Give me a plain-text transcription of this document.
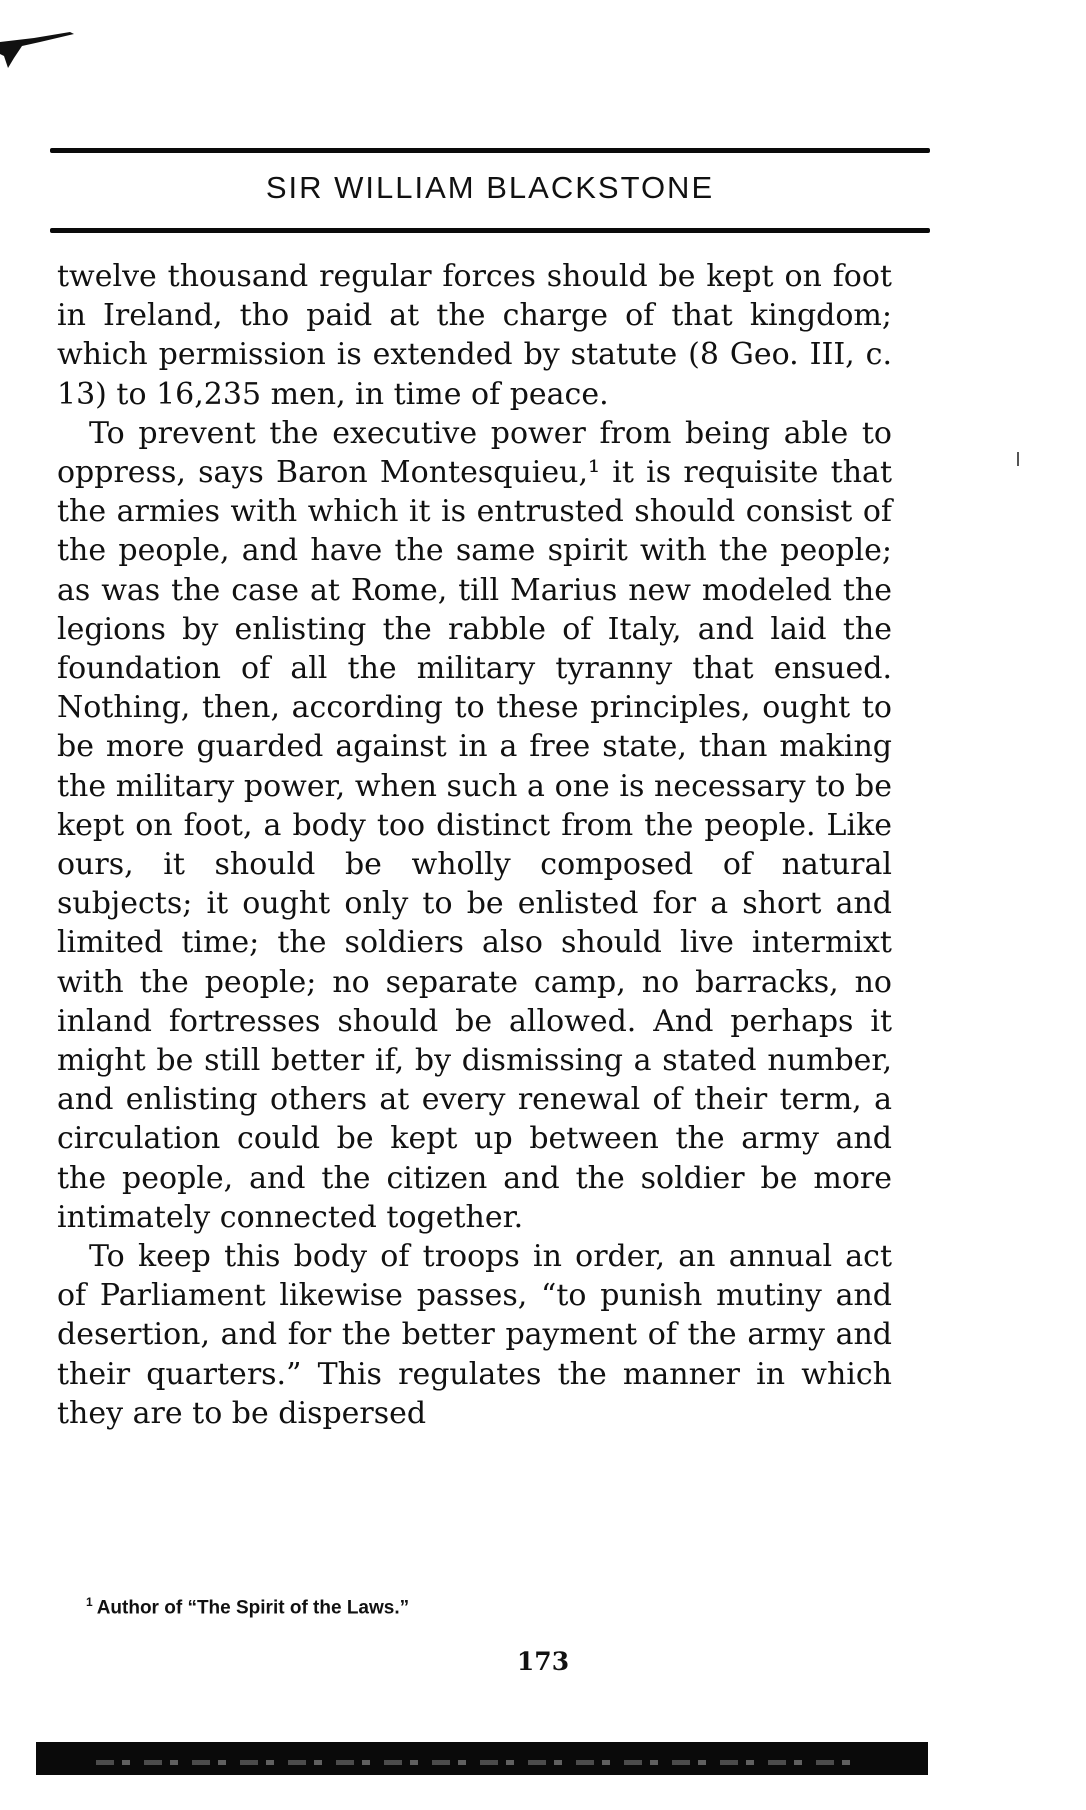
SIR WILLIAM BLACKSTONE

twelve thousand regular forces should be kept on foot in Ireland, tho paid at the charge of that kingdom; which permission is extended by statute (8 Geo. III, c. 13) to 16,235 men, in time of peace.

To prevent the executive power from being able to oppress, says Baron Montesquieu,¹ it is requisite that the armies with which it is entrusted should consist of the people, and have the same spirit with the people; as was the case at Rome, till Marius new modeled the legions by enlisting the rabble of Italy, and laid the foundation of all the military tyranny that ensued. Nothing, then, according to these principles, ought to be more guarded against in a free state, than making the military power, when such a one is necessary to be kept on foot, a body too distinct from the people. Like ours, it should be wholly composed of natural subjects; it ought only to be enlisted for a short and limited time; the soldiers also should live intermixt with the people; no separate camp, no barracks, no inland fortresses should be allowed. And perhaps it might be still better if, by dismissing a stated number, and enlisting others at every renewal of their term, a circulation could be kept up between the army and the people, and the citizen and the soldier be more intimately connected together.

To keep this body of troops in order, an annual act of Parliament likewise passes, “to punish mutiny and desertion, and for the better payment of the army and their quarters.” This regulates the manner in which they are to be dispersed

$^1$ Author of “The Spirit of the Laws.”
173
